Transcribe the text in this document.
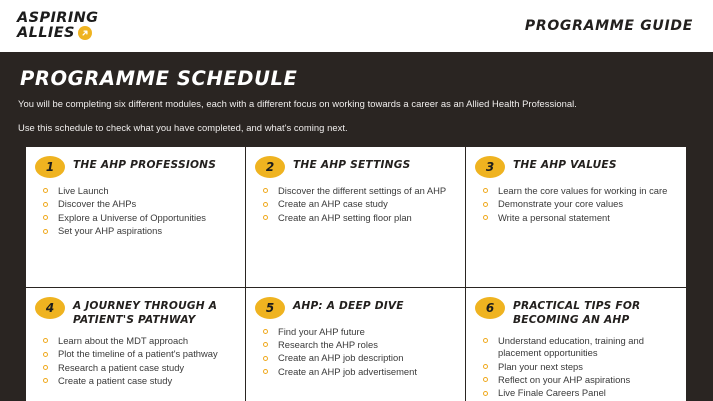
ASPIRING
ALLIES	PROGRAMME GUIDE
PROGRAMME SCHEDULE
You will be completing six different modules, each with a different focus on working towards a career as an Allied Health Professional.
Use this schedule to check what you have completed, and what's coming next.
1	THE AHP PROFESSIONS
Live Launch
Discover the AHPs
Explore a Universe of Opportunities
Set your AHP aspirations
2	THE AHP SETTINGS
Discover the different settings of an AHP
Create an AHP case study
Create an AHP setting floor plan
3	THE AHP VALUES
Learn the core values for working in care
Demonstrate your core values
Write a personal statement
4	A JOURNEY THROUGH A PATIENT'S PATHWAY
Learn about the MDT approach
Plot the timeline of a patient's pathway
Research a patient case study
Create a patient case study
5	AHP: A DEEP DIVE
Find your AHP future
Research the AHP roles
Create an AHP job description
Create an AHP job advertisement
6	PRACTICAL TIPS FOR BECOMING AN AHP
Understand education, training and placement opportunities
Plan your next steps
Reflect on your AHP aspirations
Live Finale Careers Panel
